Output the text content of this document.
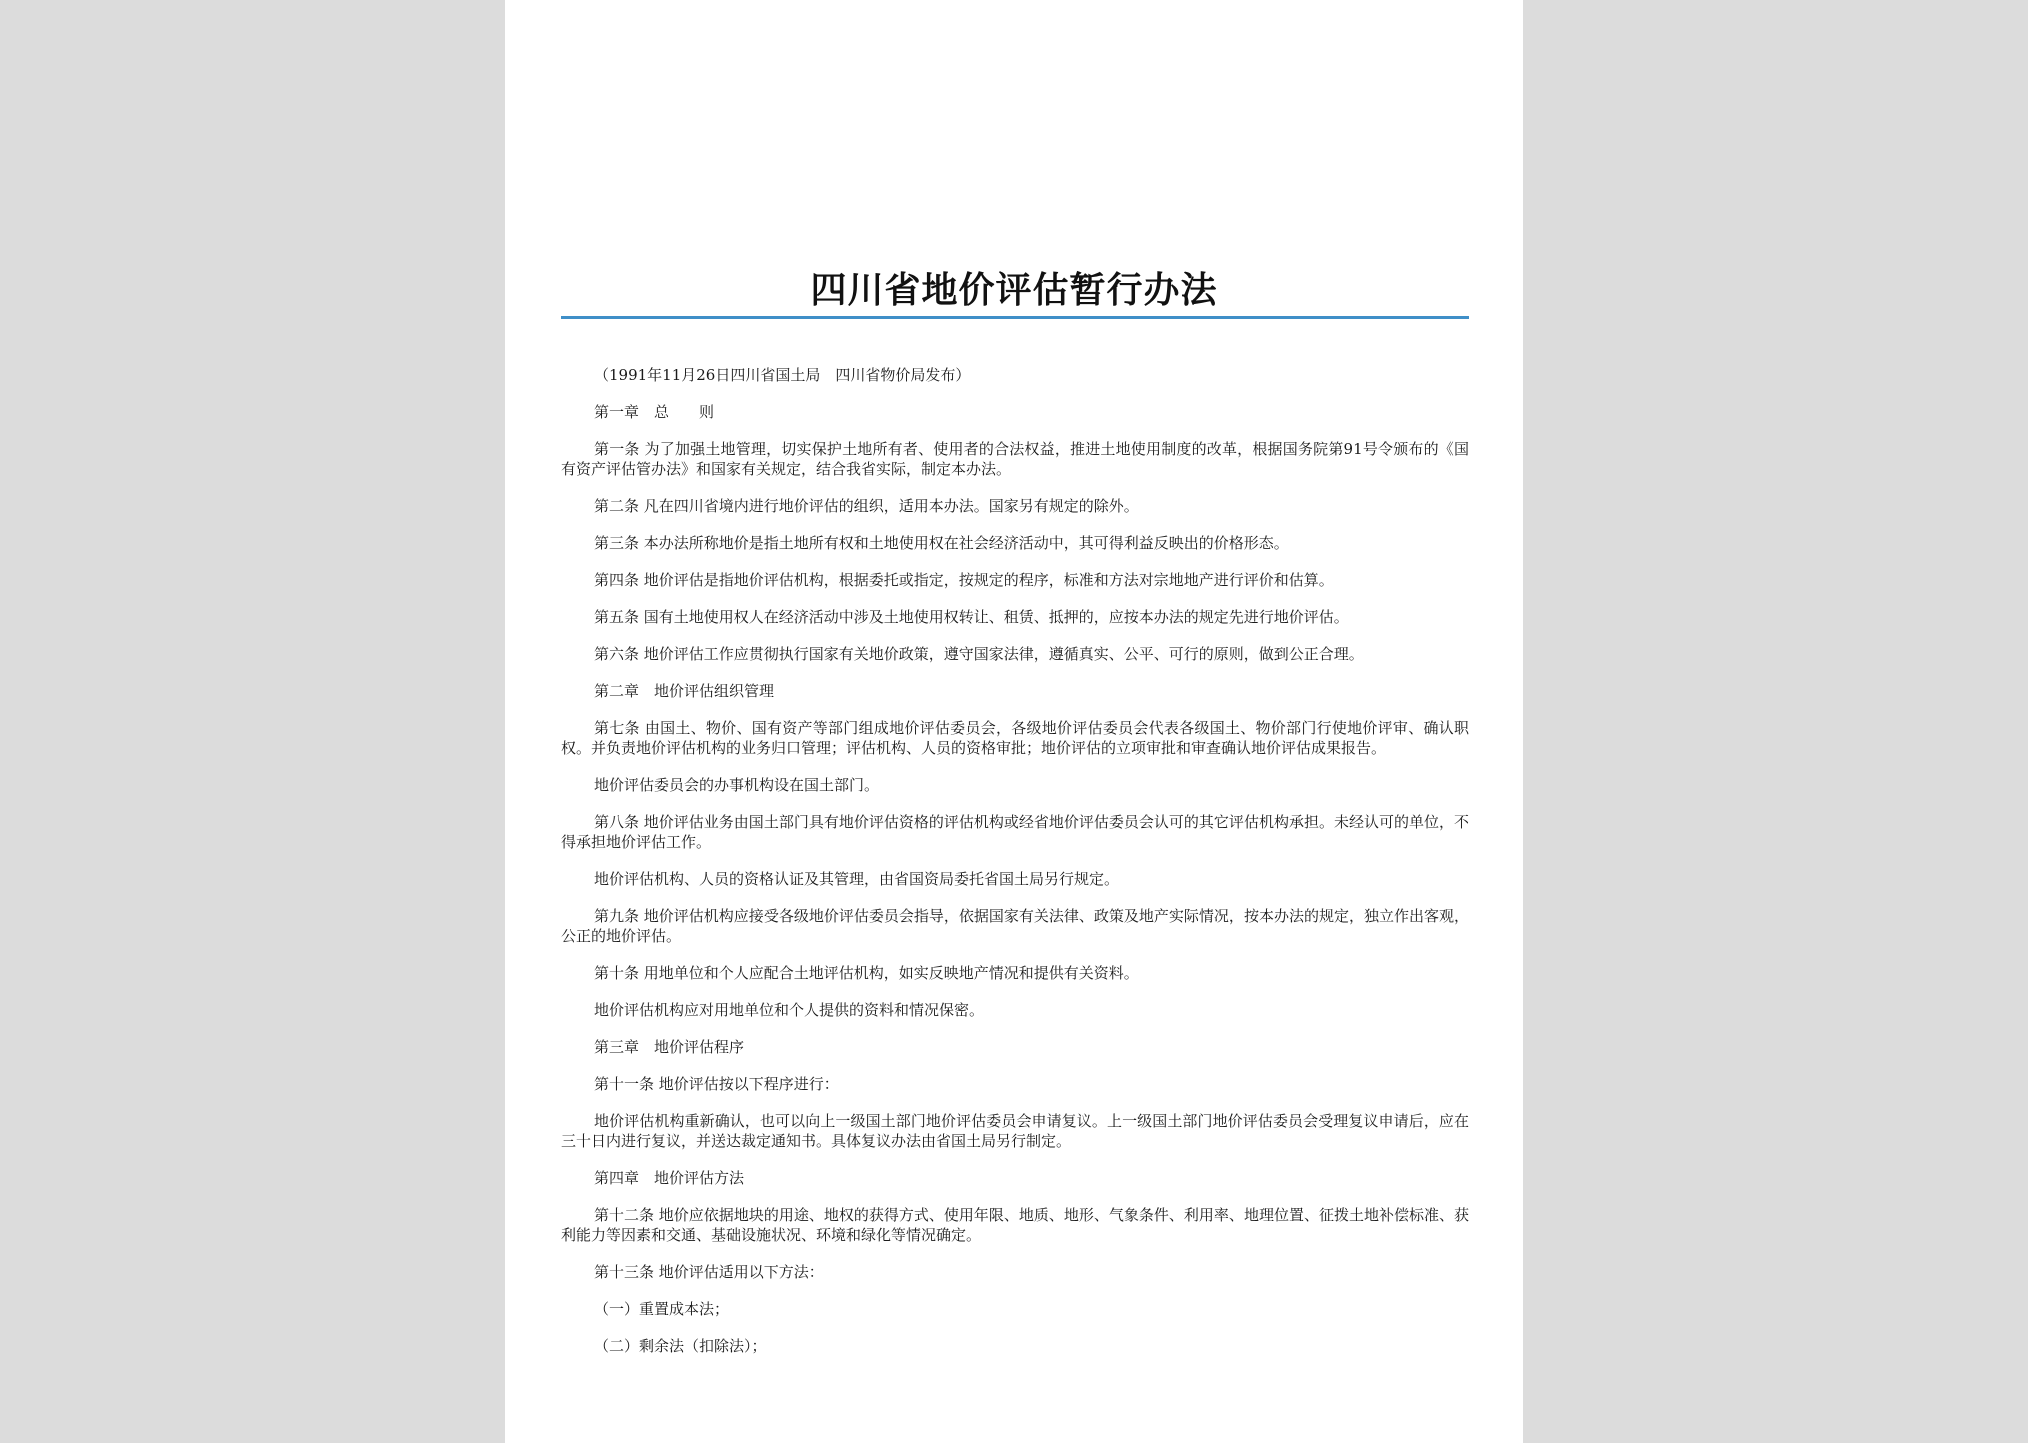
四川省地价评估暂行办法

（1991年11月26日四川省国土局　四川省物价局发布）

第一章　总　　则

第一条 为了加强土地管理，切实保护土地所有者、使用者的合法权益，推进土地使用制度的改革，根据国务院第91号令颁布的《国有资产评估管办法》和国家有关规定，结合我省实际，制定本办法。

第二条 凡在四川省境内进行地价评估的组织，适用本办法。国家另有规定的除外。

第三条 本办法所称地价是指土地所有权和土地使用权在社会经济活动中，其可得利益反映出的价格形态。

第四条 地价评估是指地价评估机构，根据委托或指定，按规定的程序，标准和方法对宗地地产进行评价和估算。

第五条 国有土地使用权人在经济活动中涉及土地使用权转让、租赁、抵押的，应按本办法的规定先进行地价评估。

第六条 地价评估工作应贯彻执行国家有关地价政策，遵守国家法律，遵循真实、公平、可行的原则，做到公正合理。

第二章　地价评估组织管理

第七条 由国土、物价、国有资产等部门组成地价评估委员会，各级地价评估委员会代表各级国土、物价部门行使地价评审、确认职权。并负责地价评估机构的业务归口管理；评估机构、人员的资格审批；地价评估的立项审批和审查确认地价评估成果报告。

地价评估委员会的办事机构设在国土部门。

第八条 地价评估业务由国土部门具有地价评估资格的评估机构或经省地价评估委员会认可的其它评估机构承担。未经认可的单位，不得承担地价评估工作。

地价评估机构、人员的资格认证及其管理，由省国资局委托省国土局另行规定。

第九条 地价评估机构应接受各级地价评估委员会指导，依据国家有关法律、政策及地产实际情况，按本办法的规定，独立作出客观，公正的地价评估。

第十条 用地单位和个人应配合土地评估机构，如实反映地产情况和提供有关资料。

地价评估机构应对用地单位和个人提供的资料和情况保密。

第三章　地价评估程序

第十一条 地价评估按以下程序进行：

地价评估机构重新确认，也可以向上一级国土部门地价评估委员会申请复议。上一级国土部门地价评估委员会受理复议申请后，应在三十日内进行复议，并送达裁定通知书。具体复议办法由省国土局另行制定。

第四章　地价评估方法

第十二条 地价应依据地块的用途、地权的获得方式、使用年限、地质、地形、气象条件、利用率、地理位置、征拨土地补偿标准、获利能力等因素和交通、基础设施状况、环境和绿化等情况确定。

第十三条 地价评估适用以下方法：

（一）重置成本法；

（二）剩余法（扣除法）；
